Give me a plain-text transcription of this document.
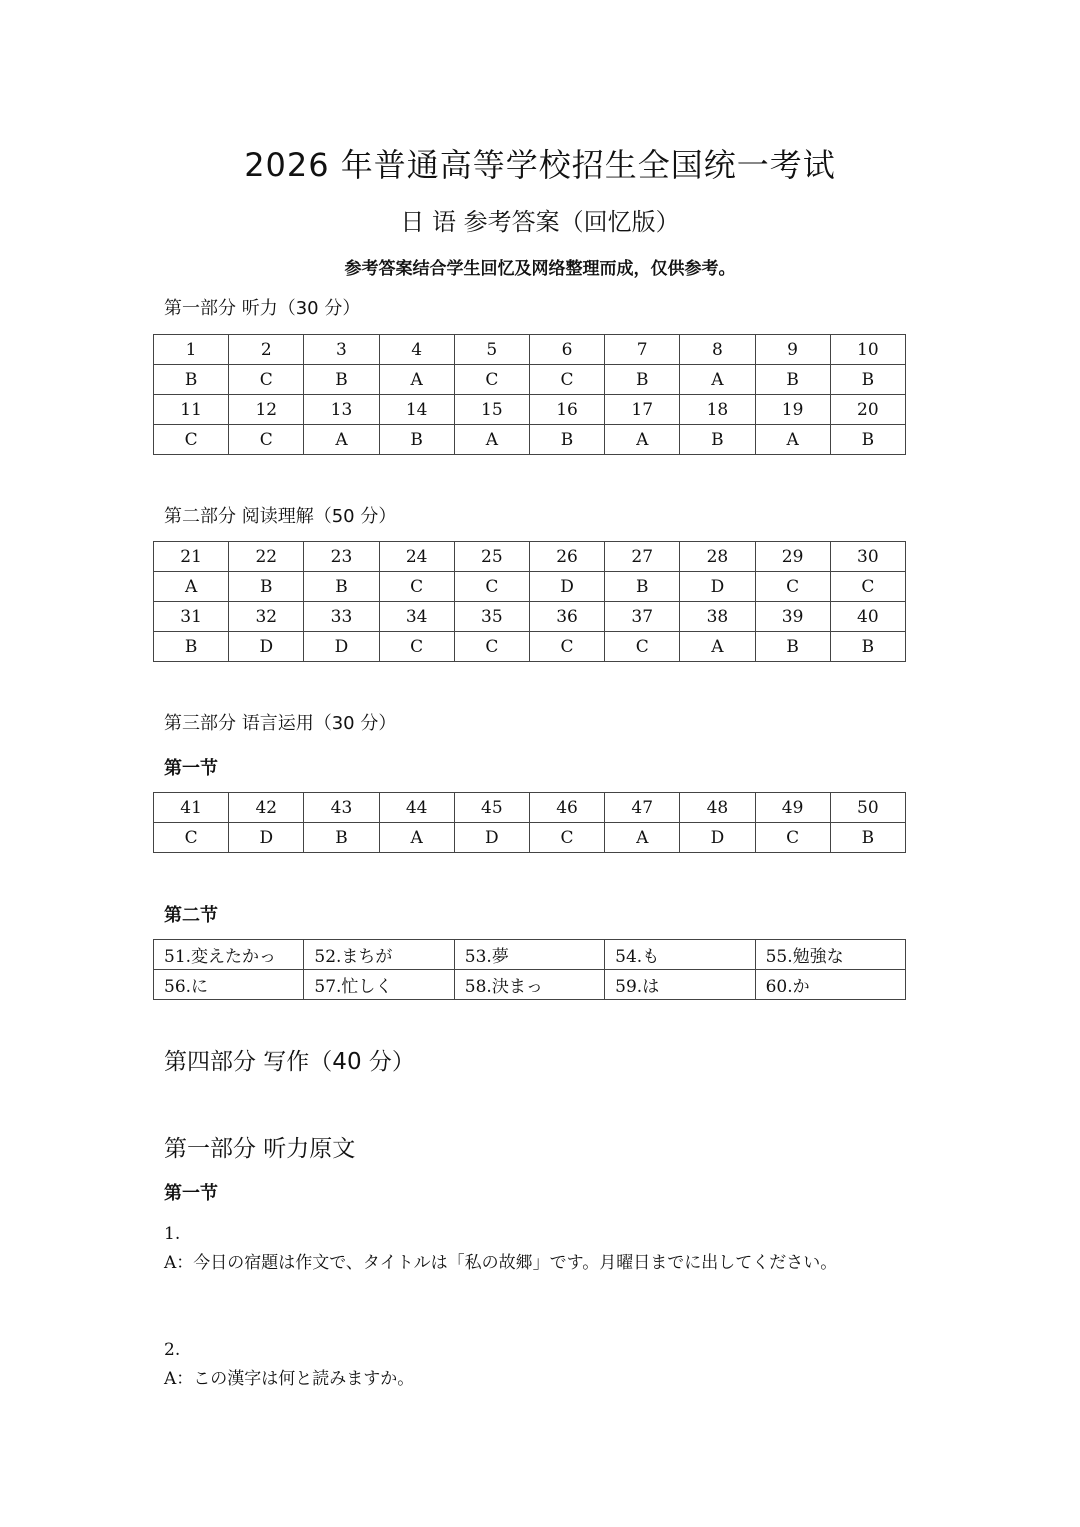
2026 年普通高等学校招生全国统一考试
日 语 参考答案（回忆版）
参考答案结合学生回忆及网络整理而成，仅供参考。
第一部分 听力（30 分）
1	2	3	4	5	6	7	8	9	10
B	C	B	A	C	C	B	A	B	B
11	12	13	14	15	16	17	18	19	20
C	C	A	B	A	B	A	B	A	B
第二部分 阅读理解（50 分）
21	22	23	24	25	26	27	28	29	30
A	B	B	C	C	D	B	D	C	C
31	32	33	34	35	36	37	38	39	40
B	D	D	C	C	C	C	A	B	B
第三部分 语言运用（30 分）
第一节
41	42	43	44	45	46	47	48	49	50
C	D	B	A	D	C	A	D	C	B
第二节
51.変えたかっ	52.まちが	53.夢	54.も	55.勉強な
56.に	57.忙しく	58.決まっ	59.は	60.か
第四部分 写作（40 分）
第一部分 听力原文
第一节
1.
A：今日の宿題は作文で、タイトルは「私の故郷」です。月曜日までに出してください。
2.
A：この漢字は何と読みますか。
